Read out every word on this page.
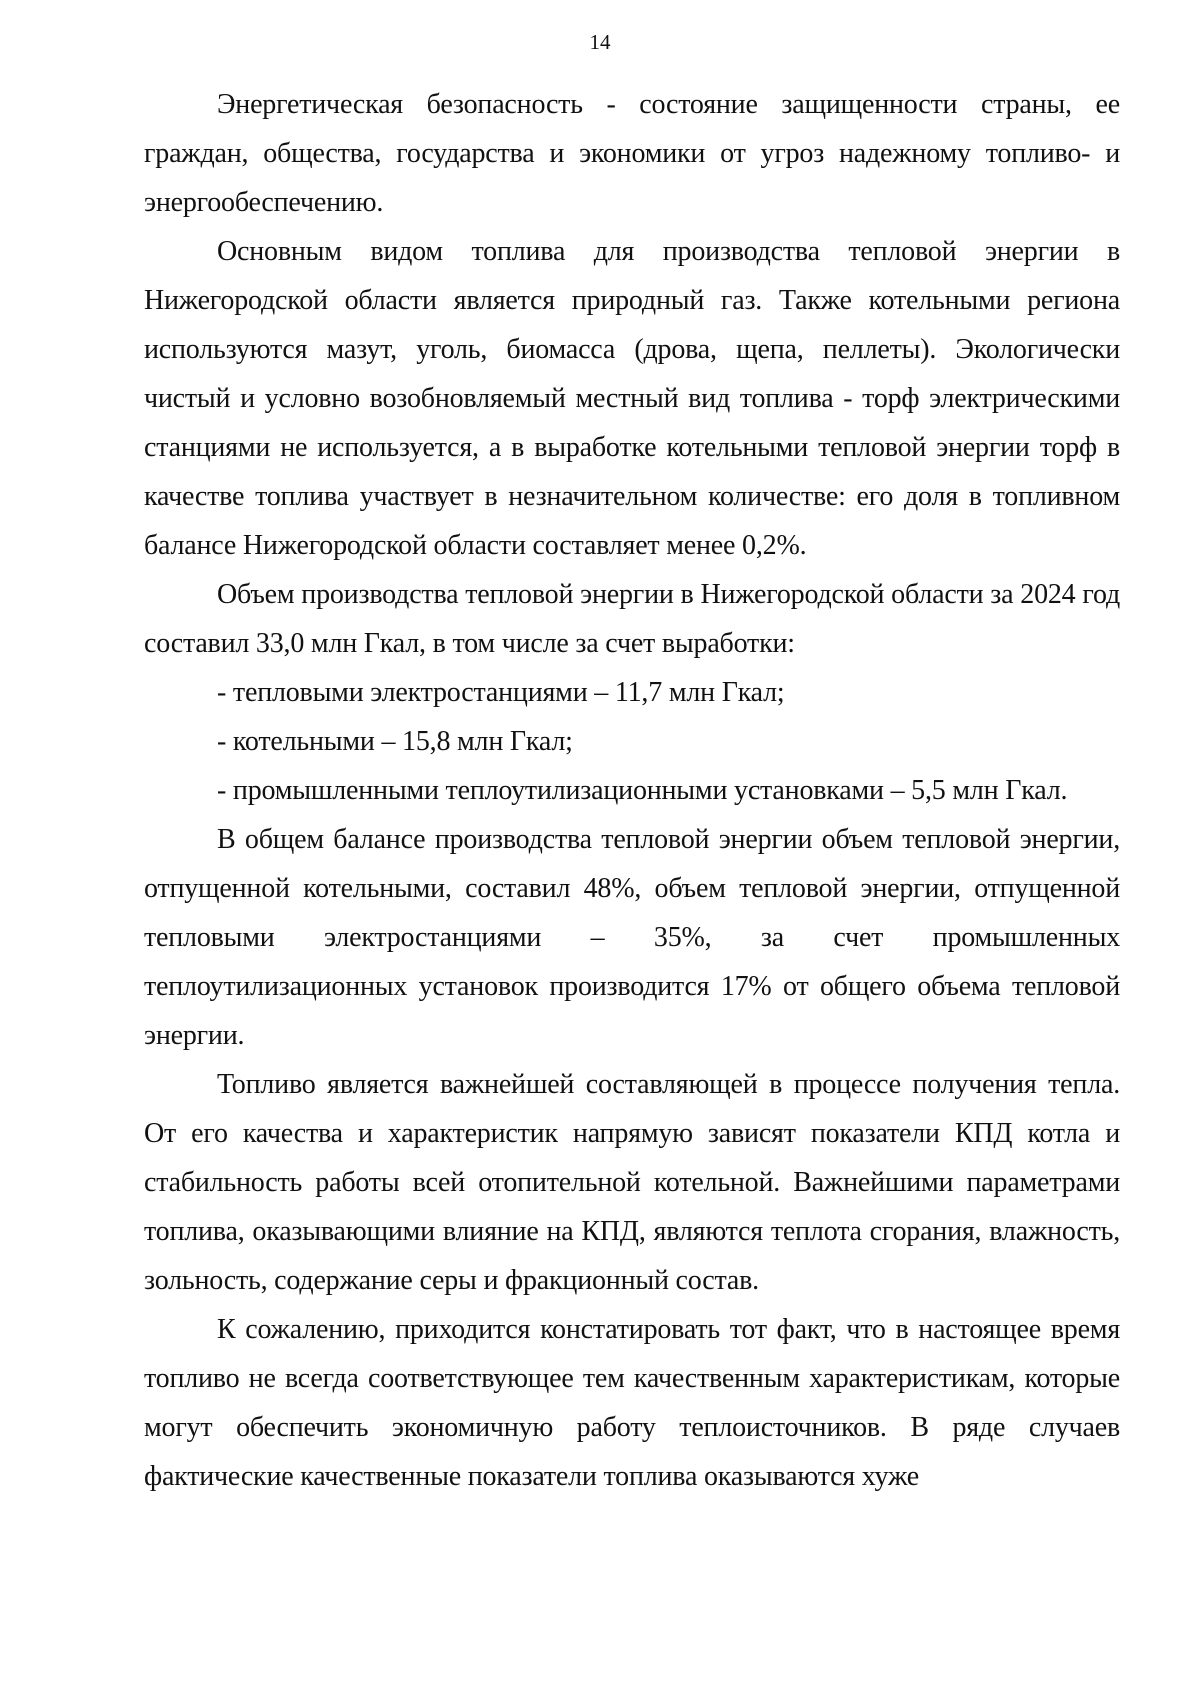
14

Энергетическая безопасность - состояние защищенности страны, ее граждан, общества, государства и экономики от угроз надежному топливо- и энергообеспечению.

Основным видом топлива для производства тепловой энергии в Нижегородской области является природный газ. Также котельными региона используются мазут, уголь, биомасса (дрова, щепа, пеллеты). Экологически чистый и условно возобновляемый местный вид топлива - торф электрическими станциями не используется, а в выработке котельными тепловой энергии торф в качестве топлива участвует в незначительном количестве: его доля в топливном балансе Нижегородской области составляет менее 0,2%.

Объем производства тепловой энергии в Нижегородской области за 2024 год составил 33,0 млн Гкал, в том числе за счет выработки:

- тепловыми электростанциями – 11,7 млн Гкал;

- котельными – 15,8 млн Гкал;

- промышленными теплоутилизационными установками – 5,5 млн Гкал.

В общем балансе производства тепловой энергии объем тепловой энергии, отпущенной котельными, составил 48%, объем тепловой энергии, отпущенной тепловыми электростанциями – 35%, за счет промышленных теплоутилизационных установок производится 17% от общего объема тепловой энергии.

Топливо является важнейшей составляющей в процессе получения тепла. От его качества и характеристик напрямую зависят показатели КПД котла и стабильность работы всей отопительной котельной. Важнейшими параметрами топлива, оказывающими влияние на КПД, являются теплота сгорания, влажность, зольность, содержание серы и фракционный состав.

К сожалению, приходится констатировать тот факт, что в настоящее время топливо не всегда соответствующее тем качественным характеристикам, которые могут обеспечить экономичную работу теплоисточников. В ряде случаев фактические качественные показатели топлива оказываются хуже
